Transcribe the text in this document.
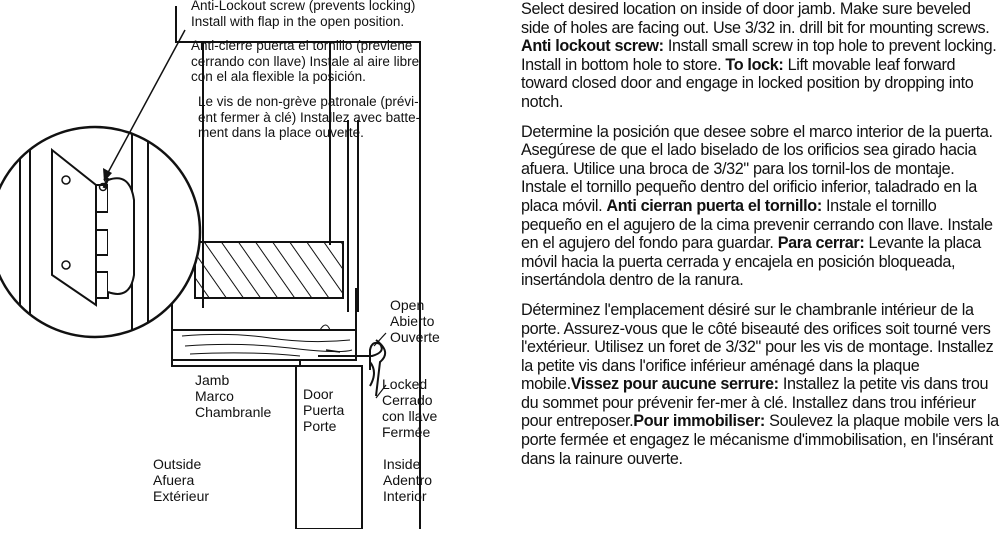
Anti-Lockout screw (prevents locking)
Install with flap in the open position.
Anti-cierre puerta el tornillo (previene
cerrando con llave) Instale al aire libre
con el ala flexible la posición.
Le vis de non-grève patronale (prévi-
ent fermer à clé) Installez avec batte-
ment dans la place ouverte.
Open
Abierto
Ouverte
Jamb
Marco
Chambranle
Door
Puerta
Porte
Locked
Cerrado
con llave
Fermée
Outside
Afuera
Extérieur
Inside
Adentro
Interior

Select desired location on inside of door jamb. Make sure beveled side of holes are facing out. Use 3/32 in. drill bit for mounting screws. Anti lockout screw: Install small screw in top hole to prevent locking. Install in bottom hole to store. To lock: Lift movable leaf forward toward closed door and engage in locked position by dropping into notch.

Determine la posición que desee sobre el marco interior de la puerta. Asegúrese de que el lado biselado de los orificios sea girado hacia afuera. Utilice una broca de 3/32" para los tornil-los de montaje. Instale el tornillo pequeño dentro del orificio inferior, taladrado en la placa móvil. Anti cierran puerta el tornillo: Instale el tornillo pequeño en el agujero de la cima prevenir cerrando con llave. Instale en el agujero del fondo para guardar. Para cerrar: Levante la placa móvil hacia la puerta cerrada y encajela en posición bloqueada, insertándola dentro de la ranura.

Déterminez l'emplacement désiré sur le chambranle intérieur de la porte. Assurez-vous que le côté biseauté des orifices soit tourné vers l'extérieur. Utilisez un foret de 3/32" pour les vis de montage. Installez la petite vis dans l'orifice inférieur aménagé dans la plaque mobile.Vissez pour aucune serrure: Installez la petite vis dans trou du sommet pour prévenir fer-mer à clé. Installez dans trou inférieur pour entreposer.Pour immobiliser: Soulevez la plaque mobile vers la porte fermée et engagez le mécanisme d'immobilisation, en l'insérant dans la rainure ouverte.
